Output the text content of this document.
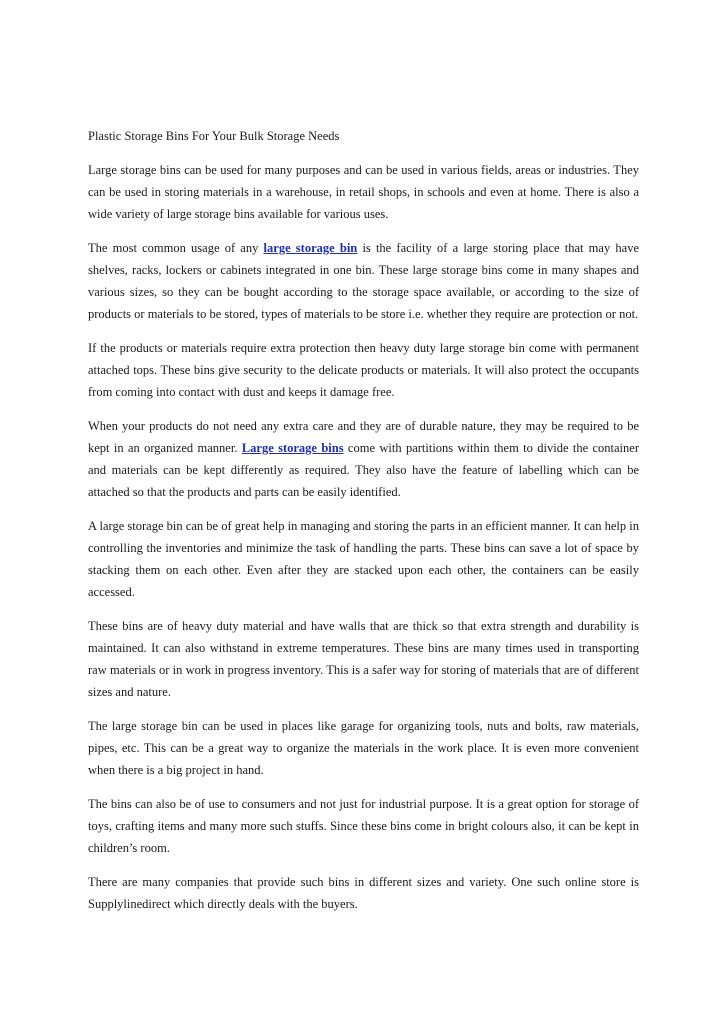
Plastic Storage Bins For Your Bulk Storage Needs

Large storage bins can be used for many purposes and can be used in various fields, areas or industries. They can be used in storing materials in a warehouse, in retail shops, in schools and even at home. There is also a wide variety of large storage bins available for various uses.

The most common usage of any large storage bin is the facility of a large storing place that may have shelves, racks, lockers or cabinets integrated in one bin. These large storage bins come in many shapes and various sizes, so they can be bought according to the storage space available, or according to the size of products or materials to be stored, types of materials to be store i.e. whether they require are protection or not.

If the products or materials require extra protection then heavy duty large storage bin come with permanent attached tops. These bins give security to the delicate products or materials. It will also protect the occupants from coming into contact with dust and keeps it damage free.

When your products do not need any extra care and they are of durable nature, they may be required to be kept in an organized manner. Large storage bins come with partitions within them to divide the container and materials can be kept differently as required. They also have the feature of labelling which can be attached so that the products and parts can be easily identified.

A large storage bin can be of great help in managing and storing the parts in an efficient manner. It can help in controlling the inventories and minimize the task of handling the parts. These bins can save a lot of space by stacking them on each other. Even after they are stacked upon each other, the containers can be easily accessed.

These bins are of heavy duty material and have walls that are thick so that extra strength and durability is maintained. It can also withstand in extreme temperatures. These bins are many times used in transporting raw materials or in work in progress inventory. This is a safer way for storing of materials that are of different sizes and nature.

The large storage bin can be used in places like garage for organizing tools, nuts and bolts, raw materials, pipes, etc. This can be a great way to organize the materials in the work place. It is even more convenient when there is a big project in hand.

The bins can also be of use to consumers and not just for industrial purpose. It is a great option for storage of toys, crafting items and many more such stuffs. Since these bins come in bright colours also, it can be kept in children’s room.

There are many companies that provide such bins in different sizes and variety. One such online store is Supplylinedirect which directly deals with the buyers.
